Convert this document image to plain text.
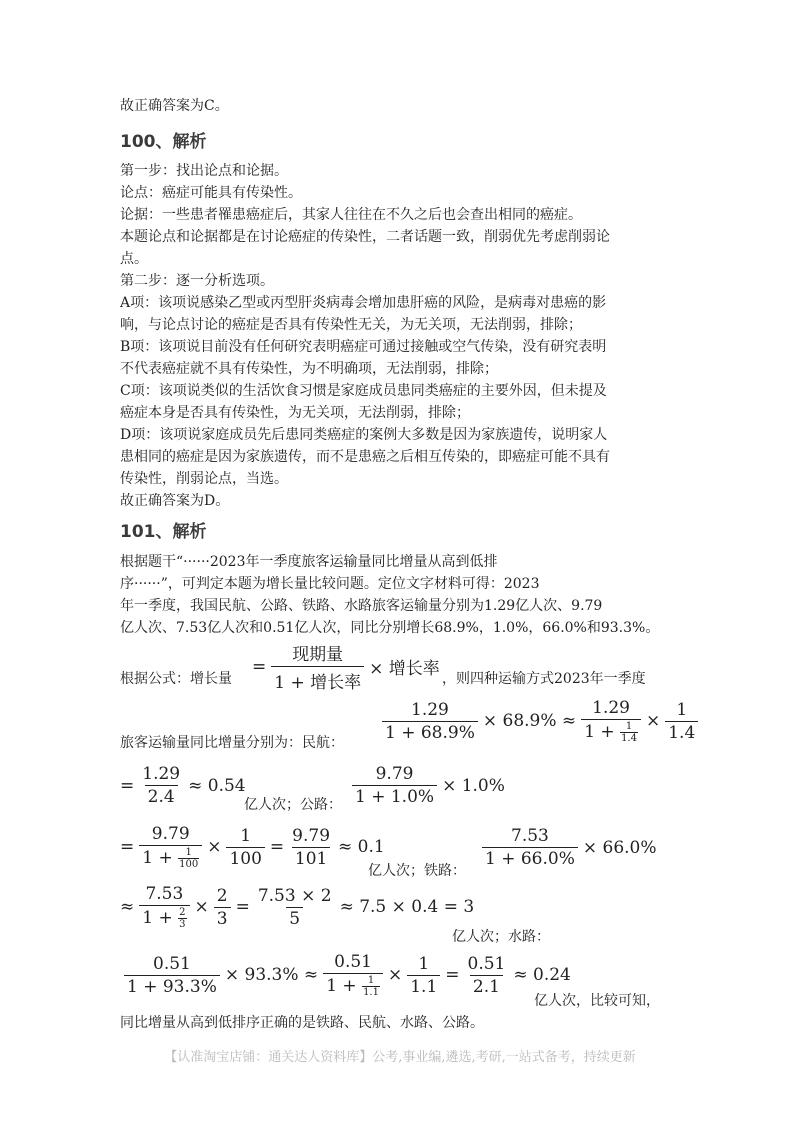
故正确答案为C。
100、解析
第一步：找出论点和论据。
论点：癌症可能具有传染性。
论据：一些患者罹患癌症后，其家人往往在不久之后也会查出相同的癌症。
本题论点和论据都是在讨论癌症的传染性，二者话题一致，削弱优先考虑削弱论
点。
第二步：逐一分析选项。
A项：该项说感染乙型或丙型肝炎病毒会增加患肝癌的风险，是病毒对患癌的影
响，与论点讨论的癌症是否具有传染性无关，为无关项，无法削弱，排除；
B项：该项说目前没有任何研究表明癌症可通过接触或空气传染，没有研究表明
不代表癌症就不具有传染性，为不明确项，无法削弱，排除；
C项：该项说类似的生活饮食习惯是家庭成员患同类癌症的主要外因，但未提及
癌症本身是否具有传染性，为无关项，无法削弱，排除；
D项：该项说家庭成员先后患同类癌症的案例大多数是因为家族遗传，说明家人
患相同的癌症是因为家族遗传，而不是患癌之后相互传染的，即癌症可能不具有
传染性，削弱论点，当选。
故正确答案为D。
101、解析
根据题干“······2023年一季度旅客运输量同比增量从高到低排
序······”，可判定本题为增长量比较问题。定位文字材料可得：2023
年一季度，我国民航、公路、铁路、水路旅客运输量分别为1.29亿人次、9.79
亿人次、7.53亿人次和0.51亿人次，同比分别增长68.9%，1.0%，66.0%和93.3%。
根据公式：增长量
= $\frac{\text{现期量}}{\text{1 + 增长率}}$ × 增长率 ，则四种运输方式2023年一季度
旅客运输量同比增量分别为：民航：
$\frac{1.29}{1 + 68.9\%} \times 68.9\% \approx \frac{1.29}{1 + \frac{1}{1.4}} \times \frac{1}{1.4}$
= $\frac{1.29}{2.4} \approx 0.54$
亿人次；公路： $\frac{9.79}{1 + 1.0\%} \times 1.0\%$
= $\frac{9.79}{1 + \frac{1}{100}} \times \frac{1}{100} = \frac{9.79}{101} \approx 0.1$
亿人次；铁路：
$\frac{7.53}{1 + 66.0\%} \times 66.0\%$
≈ $\frac{7.53}{1 + \frac{2}{3}} \times \frac{2}{3} = \frac{7.53 \times 2}{5} \approx 7.5 \times 0.4 = 3$
亿人次；水路：
$\frac{0.51}{1 + 93.3\%} \times 93.3\% \approx \frac{0.51}{1 + \frac{1}{1.1}} \times \frac{1}{1.1} = \frac{0.51}{2.1} \approx 0.24$
亿人次，比较可知，
同比增量从高到低排序正确的是铁路、民航、水路、公路。
【认准淘宝店铺：通关达人资料库】公考,事业编,遴选,考研,一站式备考，持续更新
